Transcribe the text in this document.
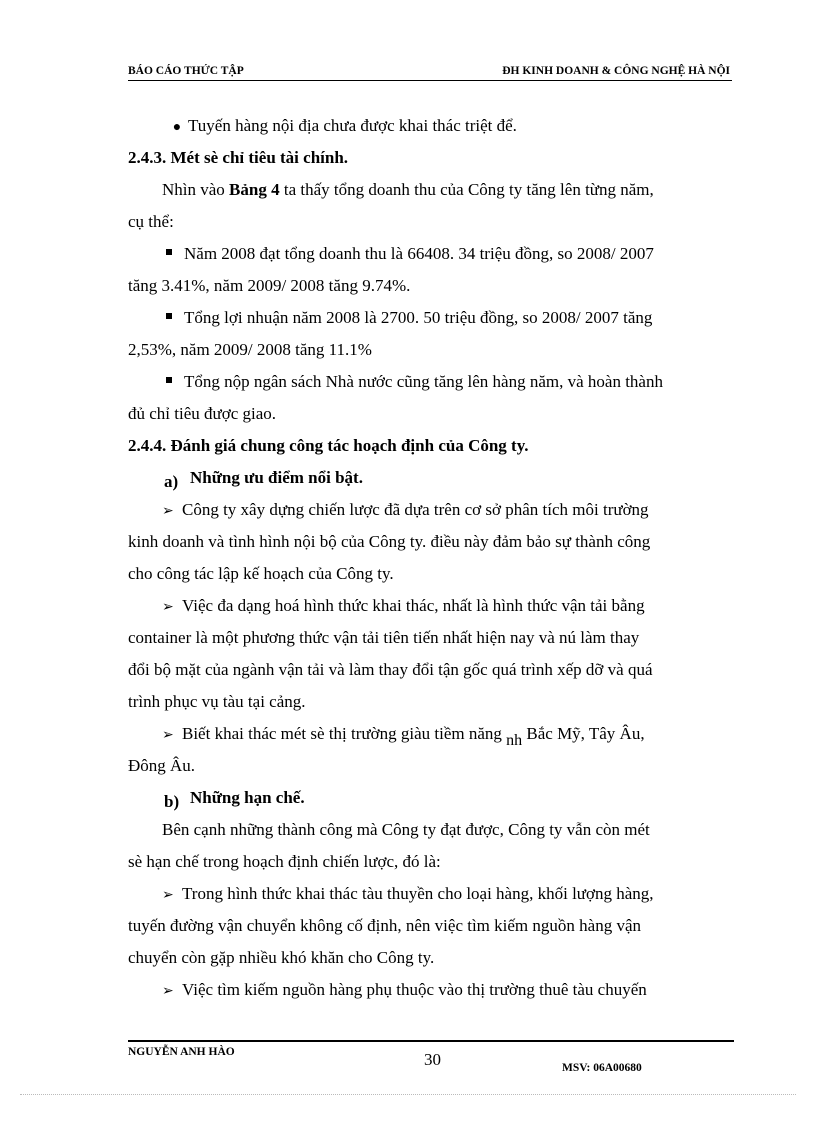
BÁO CÁO THỨC TẬP	ĐH KINH DOANH & CÔNG NGHỆ HÀ NỘI
● Tuyến hàng nội địa chưa được khai thác triệt để.
2.4.3. Mét sè chỉ tiêu tài chính.
Nhìn vào Bảng 4 ta thấy tổng doanh thu của Công ty tăng lên từng năm,
cụ thể:
Năm 2008 đạt tổng doanh thu là 66408. 34 triệu đồng, so 2008/ 2007
tăng 3.41%, năm 2009/ 2008 tăng 9.74%.
Tổng lợi nhuận năm 2008 là 2700. 50 triệu đồng, so 2008/ 2007 tăng
2,53%, năm 2009/ 2008 tăng 11.1%
Tổng nộp ngân sách Nhà nước cũng tăng lên hàng năm, và hoàn thành
đủ chỉ tiêu được giao.
2.4.4. Đánh giá chung công tác hoạch định của Công ty.
a) Những ưu điểm nổi bật.
➢ Công ty xây dựng chiến lược đã dựa trên cơ sở phân tích môi trường
kinh doanh và tình hình nội bộ của Công ty. điều này đảm bảo sự thành công
cho công tác lập kế hoạch của Công ty.
➢ Việc đa dạng hoá hình thức khai thác, nhất là hình thức vận tải bằng
container là một phương thức vận tải tiên tiến nhất hiện nay và nú làm thay
đổi bộ mặt của ngành vận tải và làm thay đổi tận gốc quá trình xếp dỡ và quá
trình phục vụ tàu tại cảng.
➢ Biết khai thác mét sè thị trường giàu tiềm năng nh Bắc Mỹ, Tây Âu,
Đông Âu.
b) Những hạn chế.
Bên cạnh những thành công mà Công ty đạt được, Công ty vẫn còn mét
sè hạn chế trong hoạch định chiến lược, đó là:
➢ Trong hình thức khai thác tàu thuyền cho loại hàng, khối lượng hàng,
tuyến đường vận chuyển không cố định, nên việc tìm kiếm nguồn hàng vận
chuyển còn gặp nhiều khó khăn cho Công ty.
➢ Việc tìm kiếm nguồn hàng phụ thuộc vào thị trường thuê tàu chuyến
NGUYỄN ANH HÀO	30	MSV: 06A00680
